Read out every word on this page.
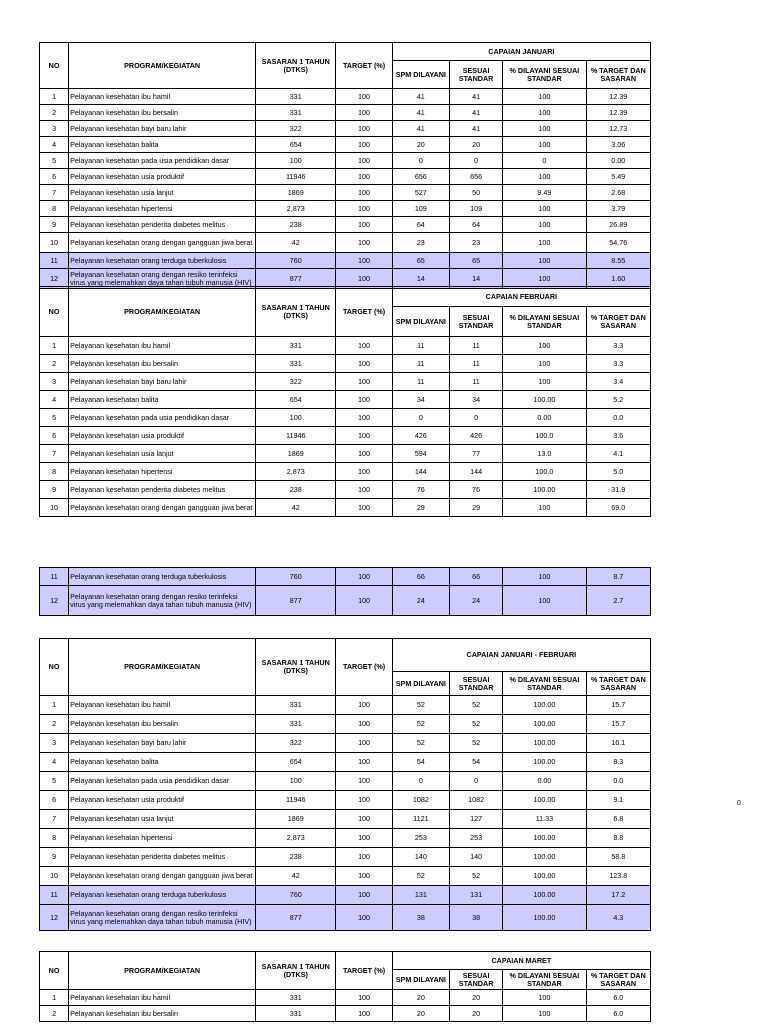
NO	PROGRAM/KEGIATAN	SASARAN 1 TAHUN (DTKS)	TARGET (%)	CAPAIAN JANUARI			
				SPM DILAYANI	SESUAI STANDAR	% DILAYANI SESUAI STANDAR	% TARGET DAN SASARAN
1	Pelayanan kesehatan ibu hamil	331	100	41	41	100	12.39
2	Pelayanan kesehatan ibu bersalin	331	100	41	41	100	12.39
3	Pelayanan kesehatan bayi baru lahir	322	100	41	41	100	12.73
4	Pelayanan kesehatan balita	654	100	20	20	100	3.06
5	Pelayanan kesehatan pada usia pendidikan dasar	100	100	0	0	0	0.00
6	Pelayanan kesehatan usia produktif	11946	100	656	656	100	5.49
7	Pelayanan kesehatan usia lanjut	1869	100	527	50	9.49	2.68
8	Pelayanan kesehatan hipertensi	2,873	100	109	109	100	3.79
9	Pelayanan kesehatan penderita diabetes melitus	238	100	64	64	100	26.89
10	Pelayanan kesehatan orang dengan gangguan jiwa berat	42	100	23	23	100	54.76
11	Pelayanan kesehatan orang terduga tuberkulosis	760	100	65	65	100	8.55
12	Pelayanan kesehatan orang dengan resiko terinfeksi virus yang melemahkan daya tahan tubuh manusia (HIV)	877	100	14	14	100	1.60
NO	PROGRAM/KEGIATAN	SASARAN 1 TAHUN (DTKS)	TARGET (%)	CAPAIAN FEBRUARI			
				SPM DILAYANI	SESUAI STANDAR	% DILAYANI SESUAI STANDAR	% TARGET DAN SASARAN
1	Pelayanan kesehatan ibu hamil	331	100	11	11	100	3.3
2	Pelayanan kesehatan ibu bersalin	331	100	11	11	100	3.3
3	Pelayanan kesehatan bayi baru lahir	322	100	11	11	100	3.4
4	Pelayanan kesehatan balita	654	100	34	34	100.00	5.2
5	Pelayanan kesehatan pada usia pendidikan dasar	100	100	0	0	0.00	0.0
6	Pelayanan kesehatan usia produktif	11946	100	426	426	100.0	3.6
7	Pelayanan kesehatan usia lanjut	1869	100	594	77	13.0	4.1
8	Pelayanan kesehatan hipertensi	2,873	100	144	144	100.0	5.0
9	Pelayanan kesehatan penderita diabetes melitus	238	100	76	76	100.00	31.9
10	Pelayanan kesehatan orang dengan gangguan jiwa berat	42	100	29	29	100	69.0
11	Pelayanan kesehatan orang terduga tuberkulosis	760	100	66	66	100	8.7
12	Pelayanan kesehatan orang dengan resiko terinfeksi virus yang melemahkan daya tahan tubuh manusia (HIV)	877	100	24	24	100	2.7
NO	PROGRAM/KEGIATAN	SASARAN 1 TAHUN (DTKS)	TARGET (%)	CAPAIAN JANUARI - FEBRUARI			
				SPM DILAYANI	SESUAI STANDAR	% DILAYANI SESUAI STANDAR	% TARGET DAN SASARAN
1	Pelayanan kesehatan ibu hamil	331	100	52	52	100.00	15.7
2	Pelayanan kesehatan ibu bersalin	331	100	52	52	100.00	15.7
3	Pelayanan kesehatan bayi baru lahir	322	100	52	52	100.00	16.1
4	Pelayanan kesehatan balita	654	100	54	54	100.00	8.3
5	Pelayanan kesehatan pada usia pendidikan dasar	100	100	0	0	0.00	0.0
6	Pelayanan kesehatan usia produktif	11946	100	1082	1082	100.00	9.1
7	Pelayanan kesehatan usia lanjut	1869	100	1121	127	11.33	6.8
8	Pelayanan kesehatan hipertensi	2,873	100	253	253	100.00	8.8
9	Pelayanan kesehatan penderita diabetes melitus	238	100	140	140	100.00	58.8
10	Pelayanan kesehatan orang dengan gangguan jiwa berat	42	100	52	52	100.00	123.8
11	Pelayanan kesehatan orang terduga tuberkulosis	760	100	131	131	100.00	17.2
12	Pelayanan kesehatan orang dengan resiko terinfeksi virus yang melemahkan daya tahan tubuh manusia (HIV)	877	100	38	38	100.00	4.3
NO	PROGRAM/KEGIATAN	SASARAN 1 TAHUN (DTKS)	TARGET (%)	CAPAIAN MARET			
				SPM DILAYANI	SESUAI STANDAR	% DILAYANI SESUAI STANDAR	% TARGET DAN SASARAN
1	Pelayanan kesehatan ibu hamil	331	100	20	20	100	6.0
2	Pelayanan kesehatan ibu bersalin	331	100	20	20	100	6.0
0
